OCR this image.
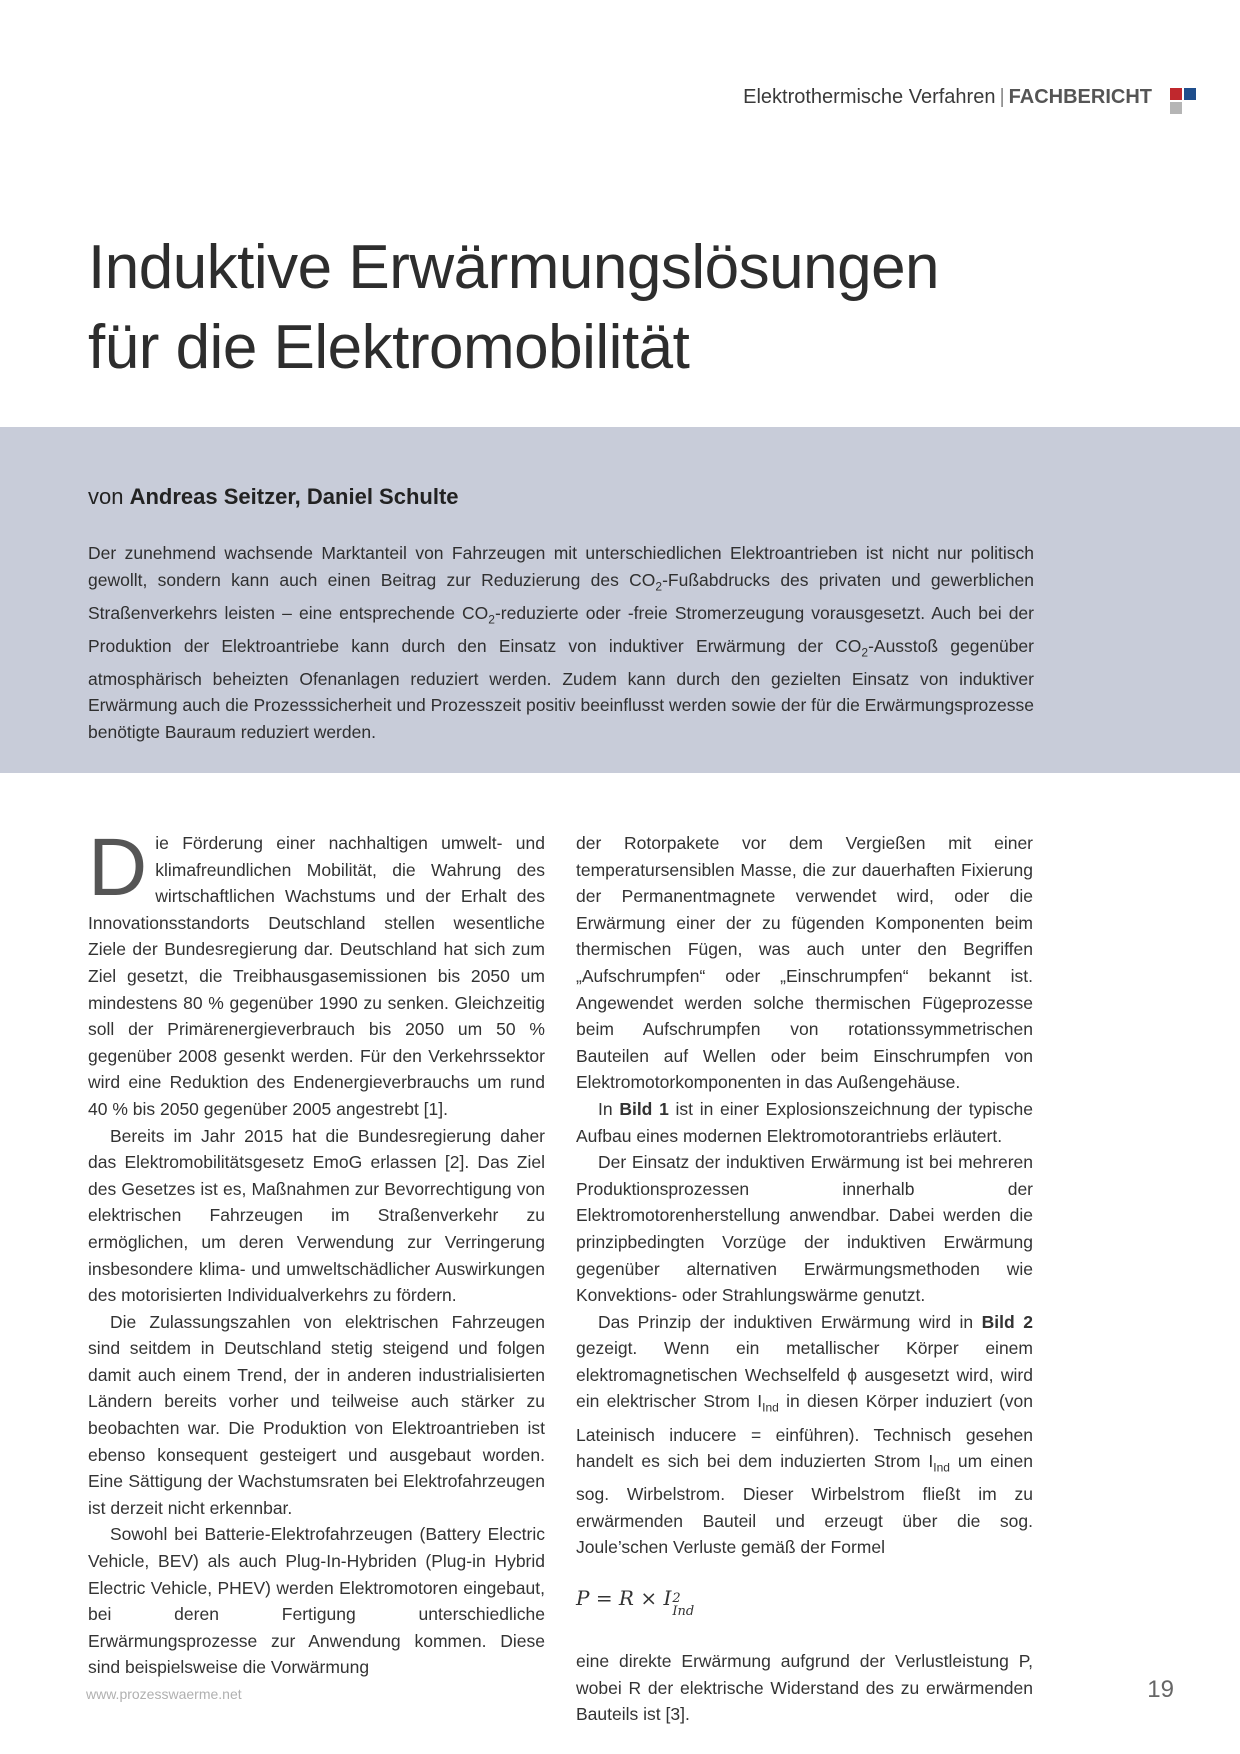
Elektrothermische Verfahren | FACHBERICHT
Induktive Erwärmungslösungen
für die Elektromobilität
von Andreas Seitzer, Daniel Schulte

Der zunehmend wachsende Marktanteil von Fahrzeugen mit unterschiedlichen Elektroantrieben ist nicht nur politisch gewollt, sondern kann auch einen Beitrag zur Reduzierung des $CO_2$-Fußabdrucks des privaten und gewerblichen Straßenverkehrs leisten – eine entsprechende $CO_2$-reduzierte oder -freie Stromerzeugung vorausgesetzt. Auch bei der Produktion der Elektroantriebe kann durch den Einsatz von induktiver Erwärmung der $CO_2$-Ausstoß gegenüber atmosphärisch beheizten Ofenanlagen reduziert werden. Zudem kann durch den gezielten Einsatz von induktiver Erwärmung auch die Prozesssicherheit und Prozesszeit positiv beeinflusst werden sowie der für die Erwärmungsprozesse benötigte Bauraum reduziert werden.

Die Förderung einer nachhaltigen umwelt- und klimafreundlichen Mobilität, die Wahrung des wirtschaftlichen Wachstums und der Erhalt des Innovationsstandorts Deutschland stellen wesentliche Ziele der Bundesregierung dar. Deutschland hat sich zum Ziel gesetzt, die Treibhausgasemissionen bis 2050 um mindestens 80 % gegenüber 1990 zu senken. Gleichzeitig soll der Primärenergieverbrauch bis 2050 um 50 % gegenüber 2008 gesenkt werden. Für den Verkehrssektor wird eine Reduktion des Endenergieverbrauchs um rund 40 % bis 2050 gegenüber 2005 angestrebt [1].

Bereits im Jahr 2015 hat die Bundesregierung daher das Elektromobilitätsgesetz EmoG erlassen [2]. Das Ziel des Gesetzes ist es, Maßnahmen zur Bevorrechtigung von elektrischen Fahrzeugen im Straßenverkehr zu ermöglichen, um deren Verwendung zur Verringerung insbesondere klima- und umweltschädlicher Auswirkungen des motorisierten Individualverkehrs zu fördern.

Die Zulassungszahlen von elektrischen Fahrzeugen sind seitdem in Deutschland stetig steigend und folgen damit auch einem Trend, der in anderen industrialisierten Ländern bereits vorher und teilweise auch stärker zu beobachten war. Die Produktion von Elektroantrieben ist ebenso konsequent gesteigert und ausgebaut worden. Eine Sättigung der Wachstumsraten bei Elektrofahrzeugen ist derzeit nicht erkennbar.

Sowohl bei Batterie-Elektrofahrzeugen (Battery Electric Vehicle, BEV) als auch Plug-In-Hybriden (Plug-in Hybrid Electric Vehicle, PHEV) werden Elektromotoren eingebaut, bei deren Fertigung unterschiedliche Erwärmungsprozesse zur Anwendung kommen. Diese sind beispielsweise die Vorwärmung

der Rotorpakete vor dem Vergießen mit einer temperatursensiblen Masse, die zur dauerhaften Fixierung der Permanentmagnete verwendet wird, oder die Erwärmung einer der zu fügenden Komponenten beim thermischen Fügen, was auch unter den Begriffen „Aufschrumpfen“ oder „Einschrumpfen“ bekannt ist. Angewendet werden solche thermischen Fügeprozesse beim Aufschrumpfen von rotationssymmetrischen Bauteilen auf Wellen oder beim Einschrumpfen von Elektromotorkomponenten in das Außengehäuse.

In Bild 1 ist in einer Explosionszeichnung der typische Aufbau eines modernen Elektromotorantriebs erläutert.

Der Einsatz der induktiven Erwärmung ist bei mehreren Produktionsprozessen innerhalb der Elektromotorenherstellung anwendbar. Dabei werden die prinzipbedingten Vorzüge der induktiven Erwärmung gegenüber alternativen Erwärmungsmethoden wie Konvektions- oder Strahlungswärme genutzt.

Das Prinzip der induktiven Erwärmung wird in Bild 2 gezeigt. Wenn ein metallischer Körper einem elektromagnetischen Wechselfeld ϕ ausgesetzt wird, wird ein elektrischer Strom $I_{Ind}$ in diesen Körper induziert (von Lateinisch inducere = einführen). Technisch gesehen handelt es sich bei dem induzierten Strom $I_{Ind}$ um einen sog. Wirbelstrom. Dieser Wirbelstrom fließt im zu erwärmenden Bauteil und erzeugt über die sog. Joule’schen Verluste gemäß der Formel

P = R × I 2
Ind

eine direkte Erwärmung aufgrund der Verlustleistung P, wobei R der elektrische Widerstand des zu erwärmenden Bauteils ist [3].

www.prozesswaerme.net	19
